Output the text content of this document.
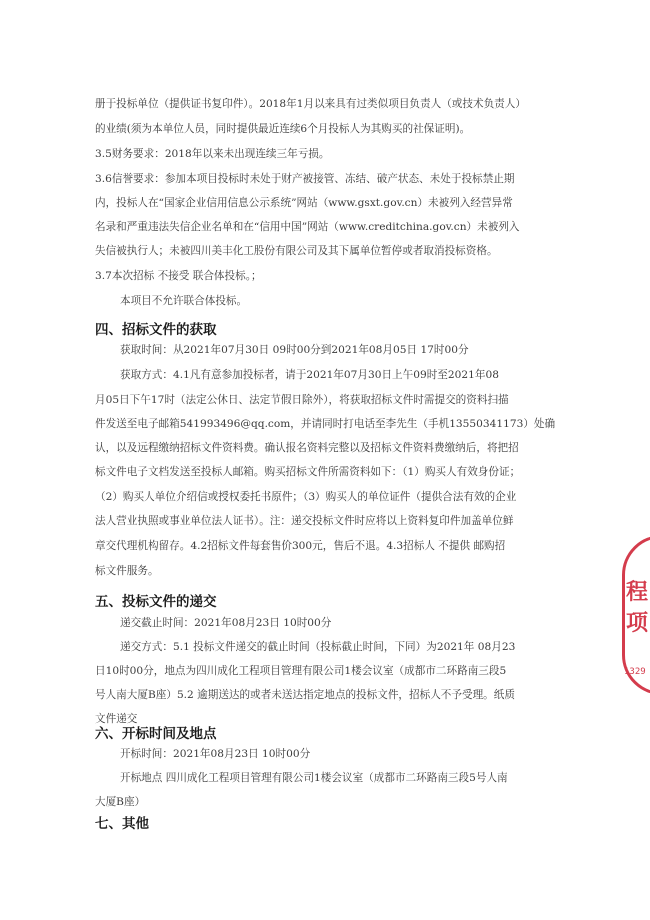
册于投标单位（提供证书复印件）。2018年1月以来具有过类似项目负责人（或技术负责人）
的业绩(须为本单位人员，同时提供最近连续6个月投标人为其购买的社保证明)。
3.5财务要求：2018年以来未出现连续三年亏损。
3.6信誉要求：参加本项目投标时未处于财产被接管、冻结、破产状态、未处于投标禁止期
内，投标人在“国家企业信用信息公示系统”网站（www.gsxt.gov.cn）未被列入经营异常
名录和严重违法失信企业名单和在“信用中国”网站（www.creditchina.gov.cn）未被列入
失信被执行人；未被四川美丰化工股份有限公司及其下属单位暂停或者取消投标资格。
3.7本次招标 不接受 联合体投标。；
本项目不允许联合体投标。
四、招标文件的获取
获取时间：从2021年07月30日 09时00分到2021年08月05日 17时00分
获取方式：4.1凡有意参加投标者，请于2021年07月30日上午09时至2021年08
月05日下午17时（法定公休日、法定节假日除外），将获取招标文件时需提交的资料扫描
件发送至电子邮箱541993496@qq.com，并请同时打电话至李先生（手机13550341173）处确
认，以及远程缴纳招标文件资料费。确认报名资料完整以及招标文件资料费缴纳后，将把招
标文件电子文档发送至投标人邮箱。购买招标文件所需资料如下：（1）购买人有效身份证；
（2）购买人单位介绍信或授权委托书原件；（3）购买人的单位证件（提供合法有效的企业
法人营业执照或事业单位法人证书）。注：递交投标文件时应将以上资料复印件加盖单位鲜
章交代理机构留存。4.2招标文件每套售价300元，售后不退。4.3招标人 不提供 邮购招
标文件服务。
五、投标文件的递交
递交截止时间：2021年08月23日 10时00分
递交方式：5.1 投标文件递交的截止时间（投标截止时间，下同）为2021年 08月23
日10时00分，地点为四川成化工程项目管理有限公司1楼会议室（成都市二环路南三段5
号人南大厦B座）5.2 逾期送达的或者未送达指定地点的投标文件，招标人不予受理。纸质
文件递交
六、开标时间及地点
开标时间：2021年08月23日 10时00分
开标地点 四川成化工程项目管理有限公司1楼会议室（成都市二环路南三段5号人南
大厦B座）
七、其他
程项
1329
